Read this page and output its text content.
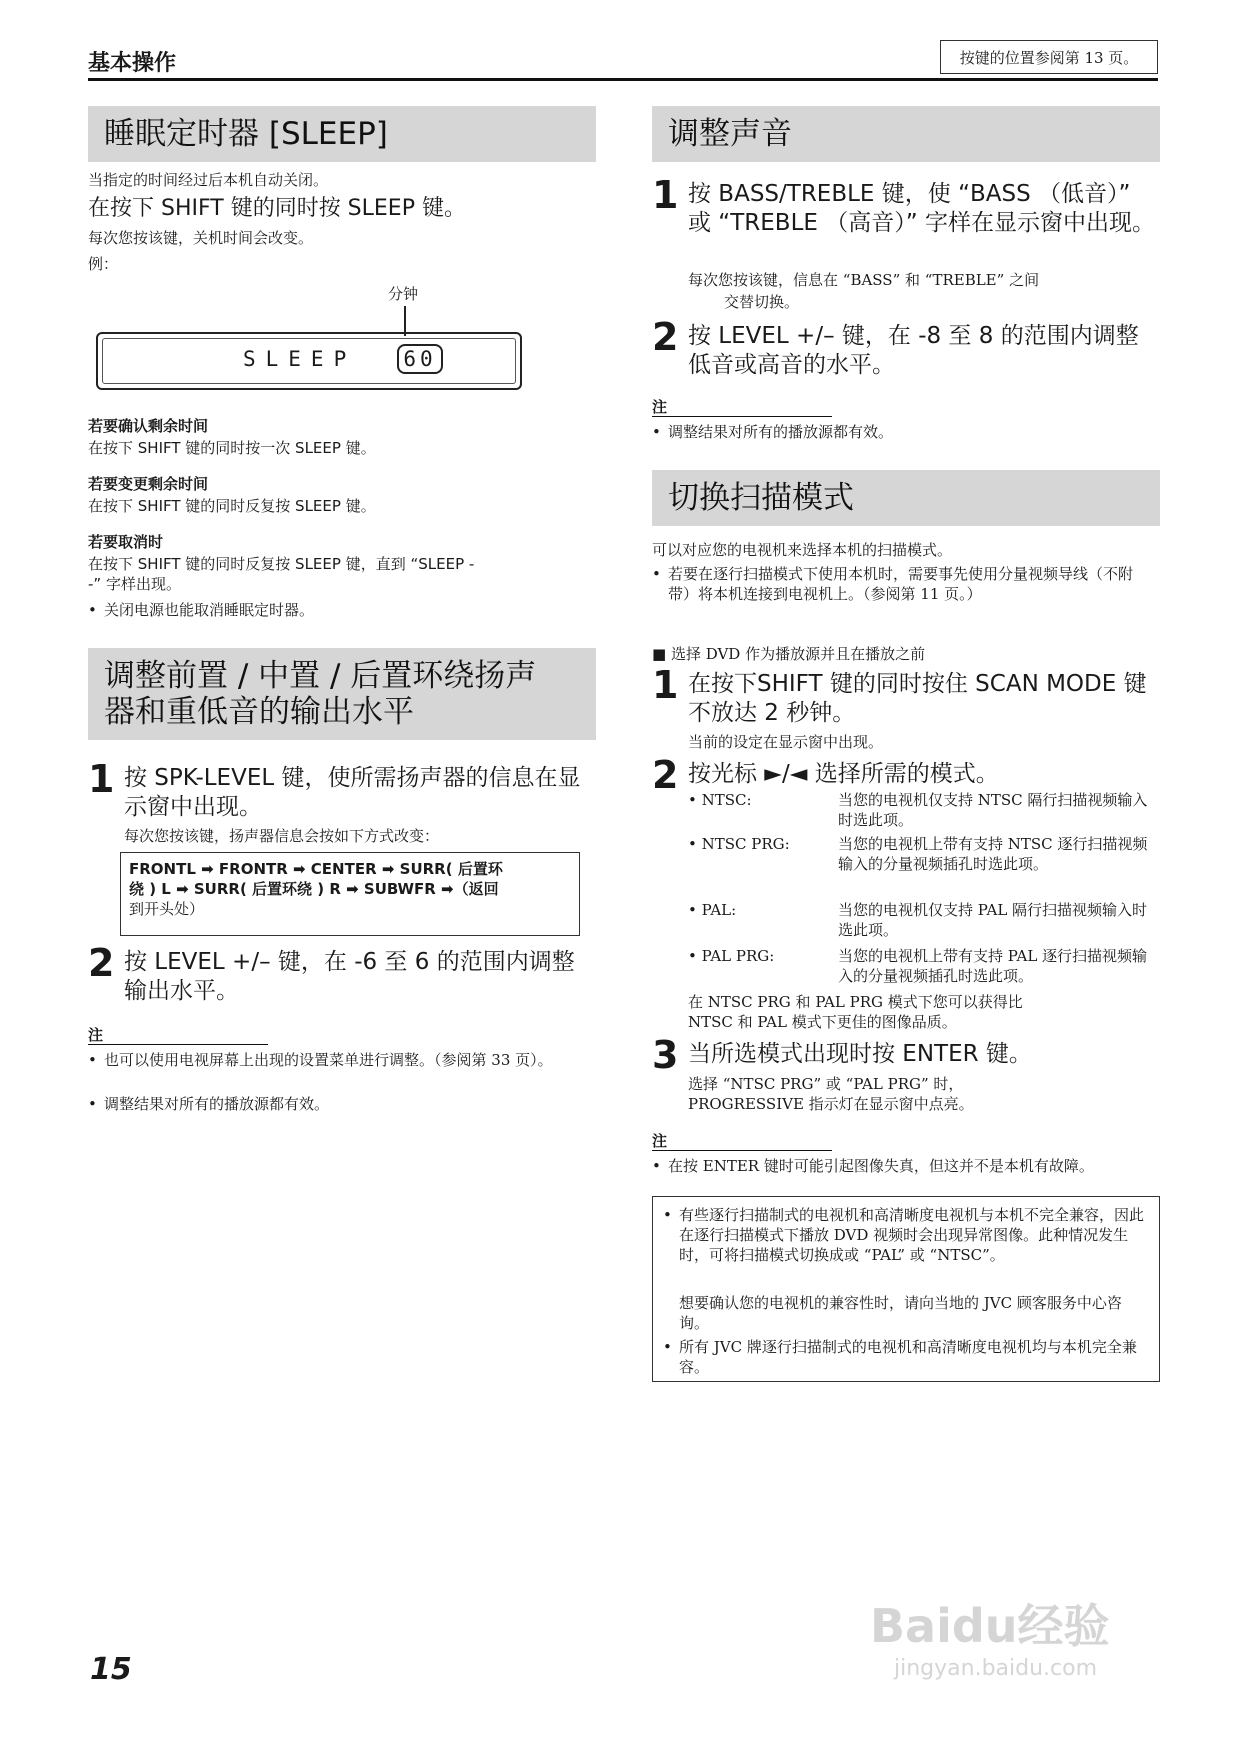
基本操作	按键的位置参阅第 13 页。
睡眠定时器 [SLEEP]
当指定的时间经过后本机自动关闭。
在按下 SHIFT 键的同时按 SLEEP 键。
每次您按该键，关机时间会改变。
例：
分钟
SLEEP	60
若要确认剩余时间
在按下 SHIFT 键的同时按一次 SLEEP 键。
若要变更剩余时间
在按下 SHIFT 键的同时反复按 SLEEP 键。
若要取消时
在按下 SHIFT 键的同时反复按 SLEEP 键，直到 “SLEEP -
-” 字样出现。
• 关闭电源也能取消睡眠定时器。
调整前置 / 中置 / 后置环绕扬声
器和重低音的输出水平
1 按 SPK-LEVEL 键，使所需扬声器的信息在显示窗中出现。
每次您按该键，扬声器信息会按如下方式改变：
FRONTL ➡ FRONTR ➡ CENTER ➡ SURR( 后置环
绕 ) L ➡ SURR( 后置环绕 ) R ➡ SUBWFR ➡（返回
到开头处）
2 按 LEVEL +/– 键，在 -6 至 6 的范围内调整输出水平。
注
• 也可以使用电视屏幕上出现的设置菜单进行调整。（参阅第 33 页）。
• 调整结果对所有的播放源都有效。
调整声音
1 按 BASS/TREBLE 键，使 “BASS （低音）” 或 “TREBLE （高音）” 字样在显示窗中出现。
每次您按该键，信息在 “BASS” 和 “TREBLE” 之间
交替切换。
2 按 LEVEL +/– 键，在 -8 至 8 的范围内调整低音或高音的水平。
注
• 调整结果对所有的播放源都有效。
切换扫描模式
可以对应您的电视机来选择本机的扫描模式。
• 若要在逐行扫描模式下使用本机时，需要事先使用分量视频导线（不附带）将本机连接到电视机上。（参阅第 11 页。）
■ 选择 DVD 作为播放源并且在播放之前
1 在按下SHIFT 键的同时按住 SCAN MODE 键不放达 2 秒钟。
当前的设定在显示窗中出现。
2 按光标 ►/◄ 选择所需的模式。
• NTSC:	当您的电视机仅支持 NTSC 隔行扫描视频输入时选此项。
• NTSC PRG:	当您的电视机上带有支持 NTSC 逐行扫描视频输入的分量视频插孔时选此项。
• PAL:	当您的电视机仅支持 PAL 隔行扫描视频输入时选此项。
• PAL PRG:	当您的电视机上带有支持 PAL 逐行扫描视频输入的分量视频插孔时选此项。
在 NTSC PRG 和 PAL PRG 模式下您可以获得比
NTSC 和 PAL 模式下更佳的图像品质。
3 当所选模式出现时按 ENTER 键。
选择 “NTSC PRG” 或 “PAL PRG” 时，
PROGRESSIVE 指示灯在显示窗中点亮。
注
• 在按 ENTER 键时可能引起图像失真，但这并不是本机有故障。
• 有些逐行扫描制式的电视机和高清晰度电视机与本机不完全兼容，因此在逐行扫描模式下播放 DVD 视频时会出现异常图像。此种情况发生时，可将扫描模式切换成或 “PAL” 或 “NTSC”。
想要确认您的电视机的兼容性时，请向当地的 JVC 顾客服务中心咨询。
• 所有 JVC 牌逐行扫描制式的电视机和高清晰度电视机均与本机完全兼容。
15
Baidu经验
jingyan.baidu.com
